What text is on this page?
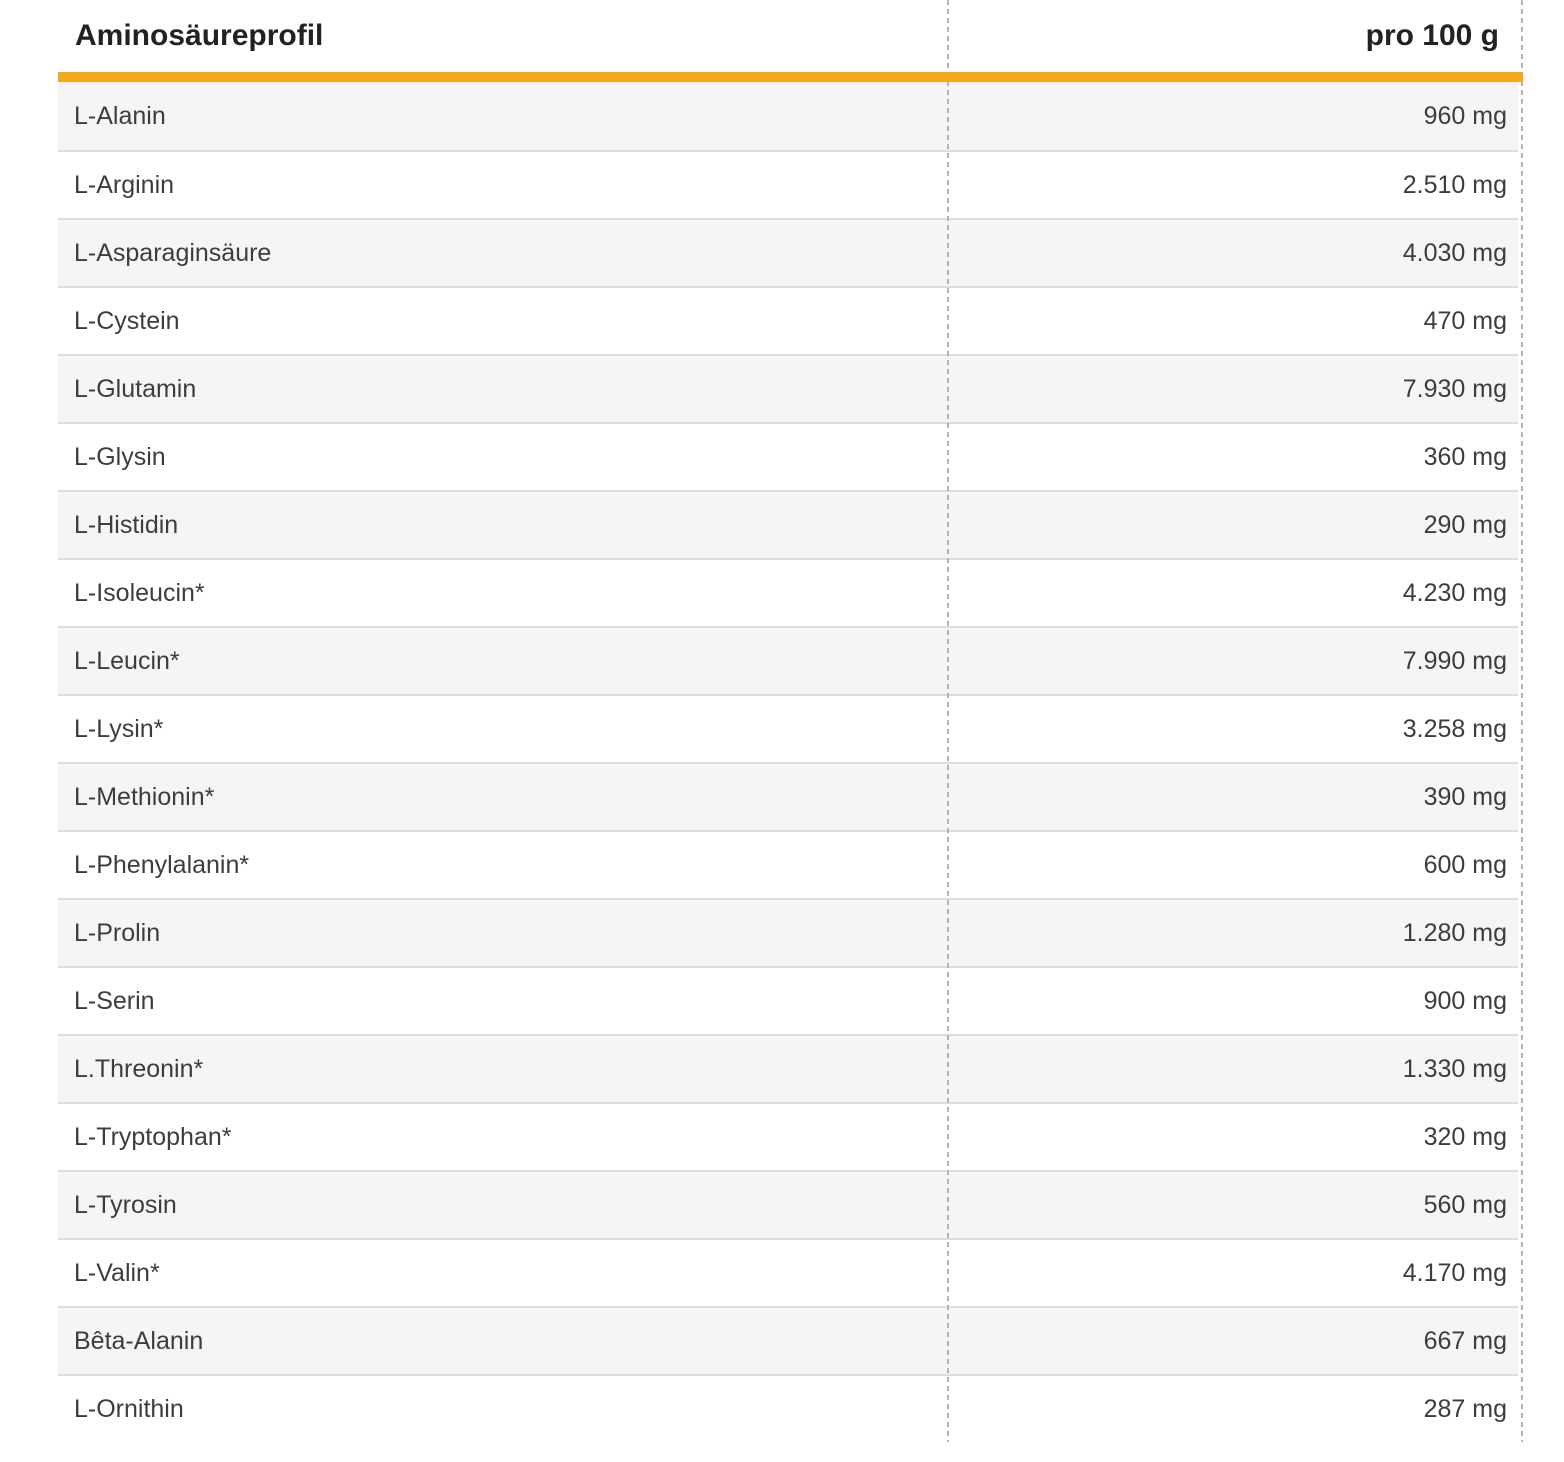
Aminosäureprofil	pro 100 g
L-Alanin	960 mg
L-Arginin	2.510 mg
L-Asparaginsäure	4.030 mg
L-Cystein	470 mg
L-Glutamin	7.930 mg
L-Glysin	360 mg
L-Histidin	290 mg
L-Isoleucin*	4.230 mg
L-Leucin*	7.990 mg
L-Lysin*	3.258 mg
L-Methionin*	390 mg
L-Phenylalanin*	600 mg
L-Prolin	1.280 mg
L-Serin	900 mg
L.Threonin*	1.330 mg
L-Tryptophan*	320 mg
L-Tyrosin	560 mg
L-Valin*	4.170 mg
Bêta-Alanin	667 mg
L-Ornithin	287 mg
